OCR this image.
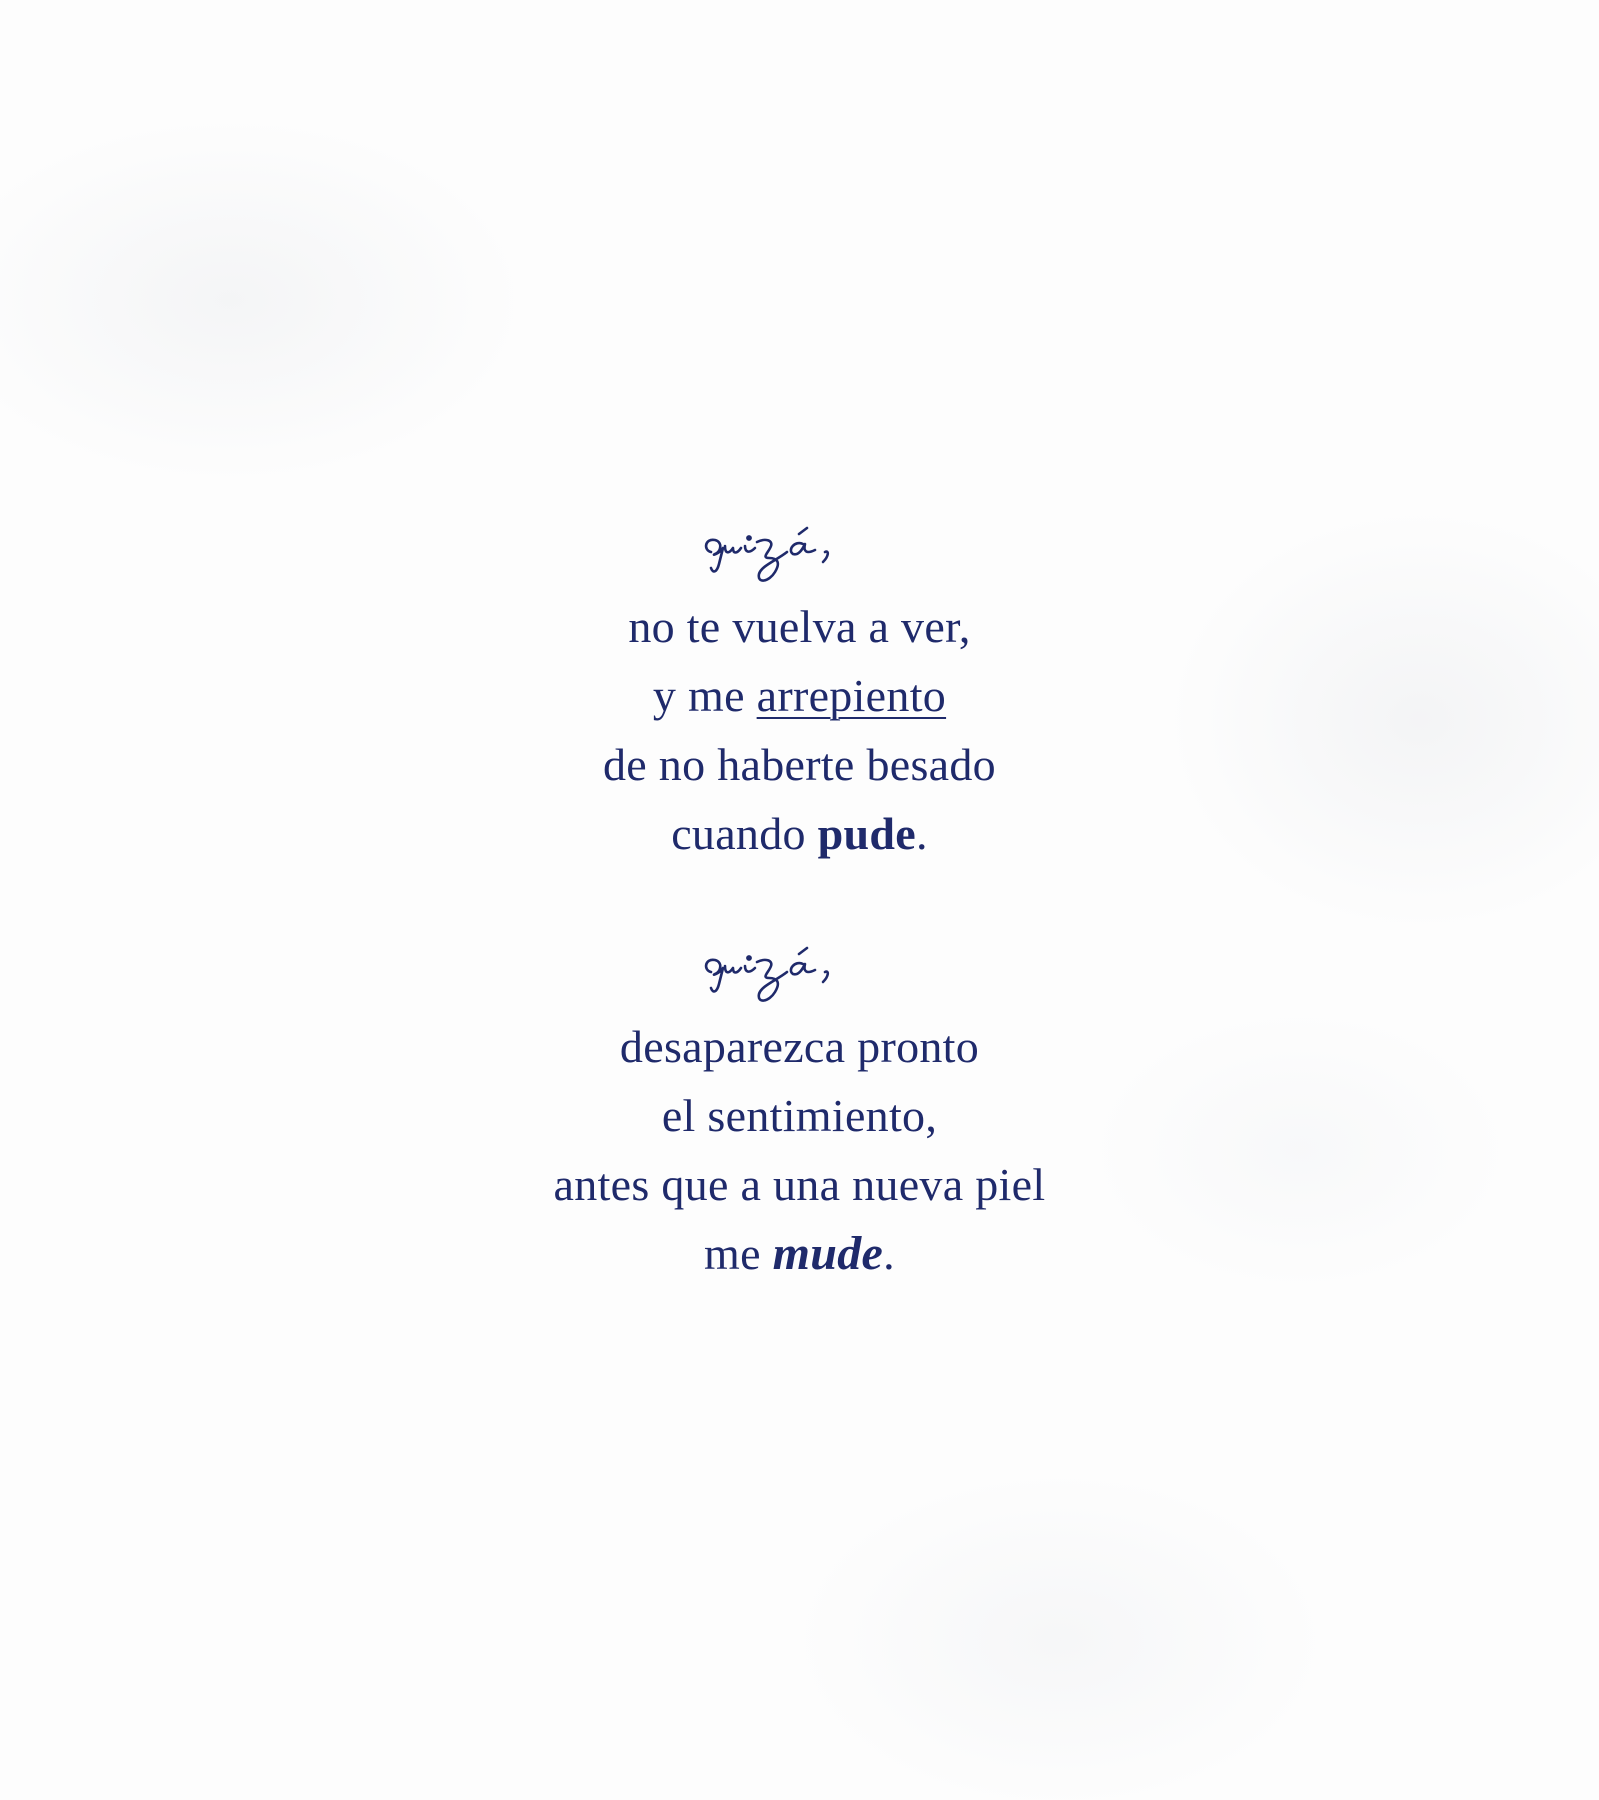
no te vuelva a ver,
y me arrepiento
de no haberte besado
cuando pude.
desaparezca pronto
el sentimiento,
antes que a una nueva piel
me mude.
